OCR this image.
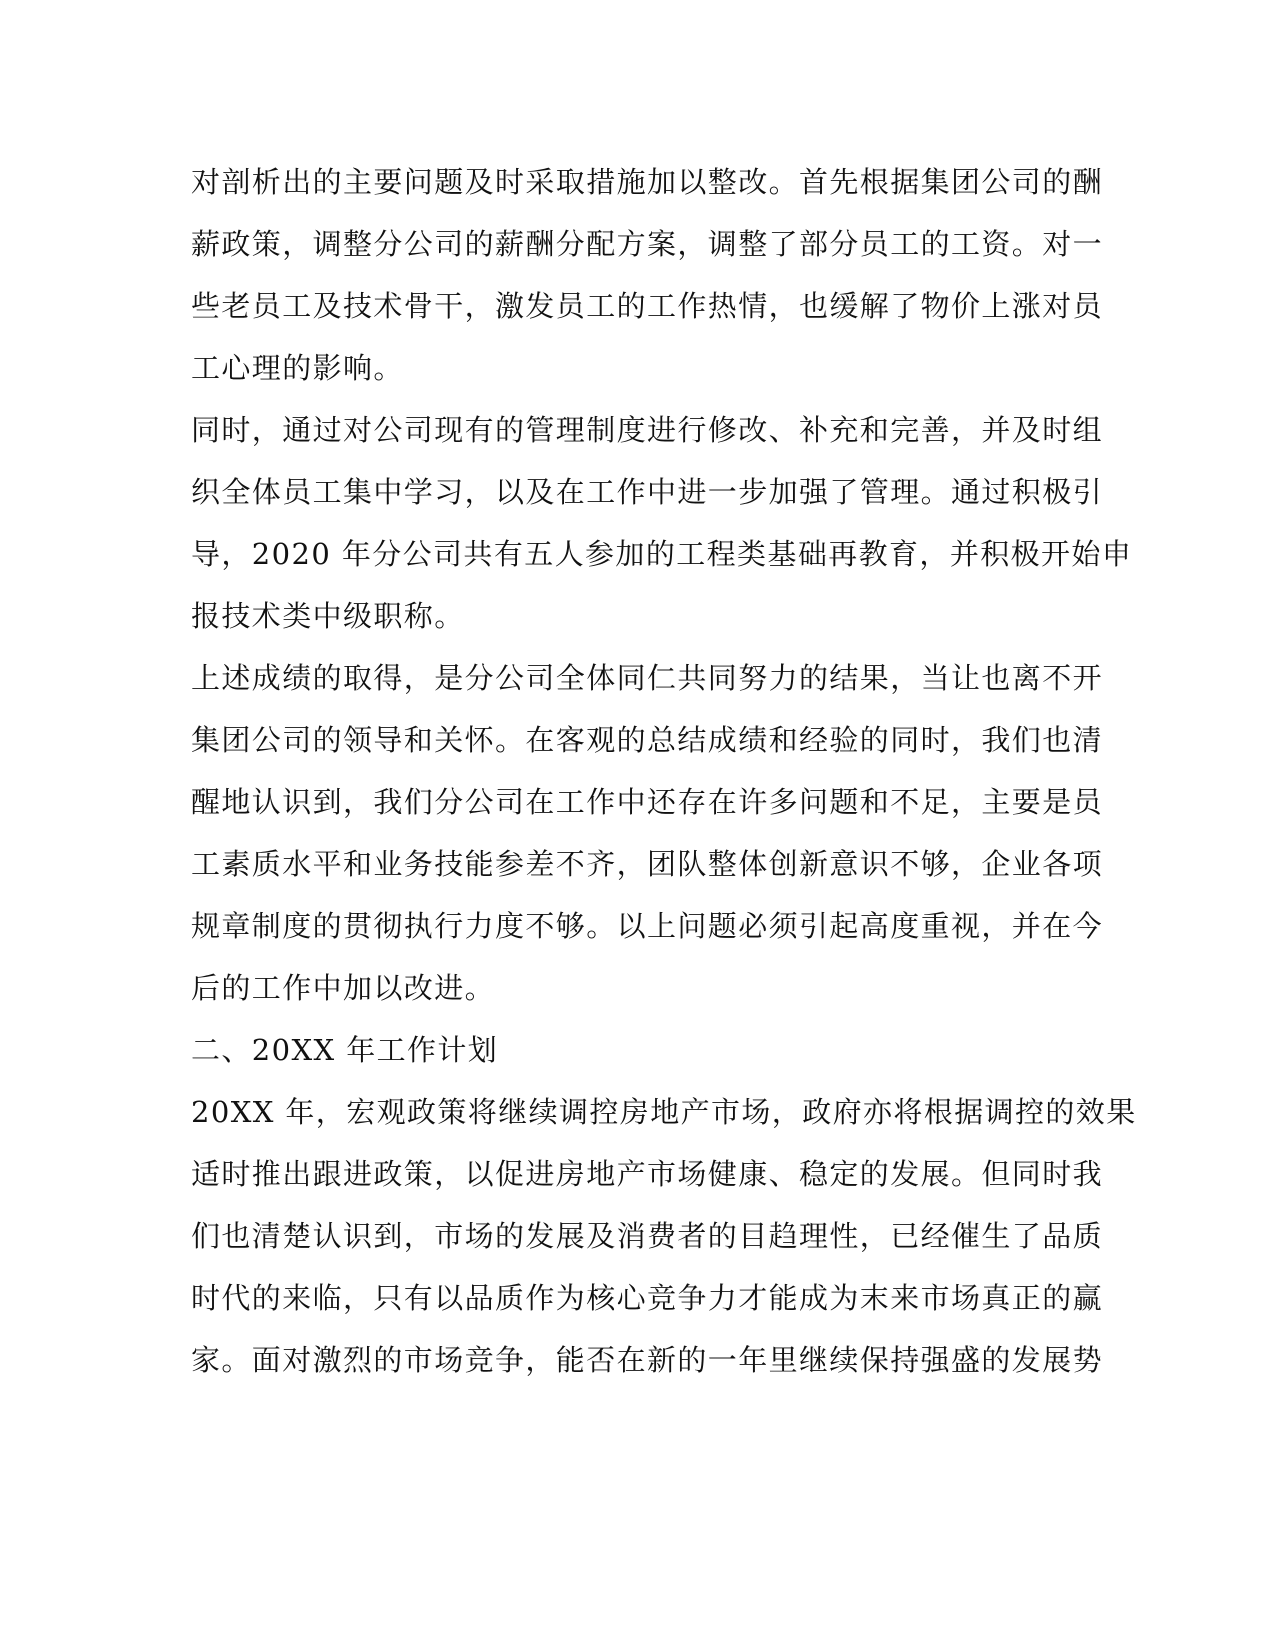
对剖析出的主要问题及时采取措施加以整改。首先根据集团公司的酬
薪政策，调整分公司的薪酬分配方案，调整了部分员工的工资。对一
些老员工及技术骨干，激发员工的工作热情，也缓解了物价上涨对员
工心理的影响。
同时，通过对公司现有的管理制度进行修改、补充和完善，并及时组
织全体员工集中学习，以及在工作中进一步加强了管理。通过积极引
导，2020 年分公司共有五人参加的工程类基础再教育，并积极开始申
报技术类中级职称。
上述成绩的取得，是分公司全体同仁共同努力的结果，当让也离不开
集团公司的领导和关怀。在客观的总结成绩和经验的同时，我们也清
醒地认识到，我们分公司在工作中还存在许多问题和不足，主要是员
工素质水平和业务技能参差不齐，团队整体创新意识不够，企业各项
规章制度的贯彻执行力度不够。以上问题必须引起高度重视，并在今
后的工作中加以改进。
二、20XX 年工作计划
20XX 年，宏观政策将继续调控房地产市场，政府亦将根据调控的效果
适时推出跟进政策，以促进房地产市场健康、稳定的发展。但同时我
们也清楚认识到，市场的发展及消费者的目趋理性，已经催生了品质
时代的来临，只有以品质作为核心竞争力才能成为末来市场真正的赢
家。面对激烈的市场竞争，能否在新的一年里继续保持强盛的发展势
